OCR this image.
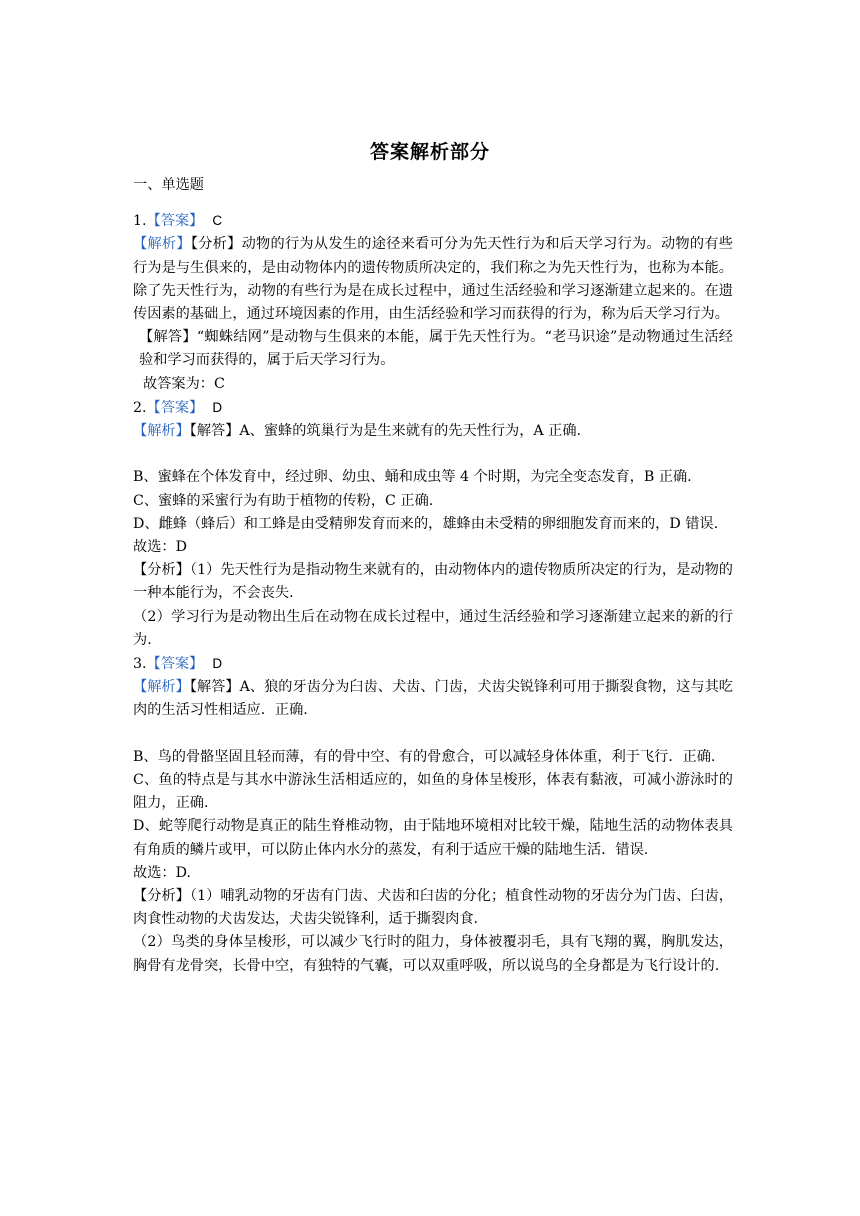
答案解析部分

一、单选题

1.【答案】 C

【解析】【分析】动物的行为从发生的途径来看可分为先天性行为和后天学习行为。动物的有些行为是与生俱来的，是由动物体内的遗传物质所决定的，我们称之为先天性行为，也称为本能。除了先天性行为，动物的有些行为是在成长过程中，通过生活经验和学习逐渐建立起来的。在遗传因素的基础上，通过环境因素的作用，由生活经验和学习而获得的行为，称为后天学习行为。

【解答】“蜘蛛结网”是动物与生俱来的本能，属于先天性行为。“老马识途”是动物通过生活经验和学习而获得的，属于后天学习行为。

故答案为：C

2.【答案】 D

【解析】【解答】A、蜜蜂的筑巢行为是生来就有的先天性行为，A 正确.

B、蜜蜂在个体发育中，经过卵、幼虫、蛹和成虫等 4 个时期，为完全变态发育，B 正确.

C、蜜蜂的采蜜行为有助于植物的传粉，C 正确.

D、雌蜂（蜂后）和工蜂是由受精卵发育而来的，雄蜂由未受精的卵细胞发育而来的，D 错误.

故选：D

【分析】（1）先天性行为是指动物生来就有的，由动物体内的遗传物质所决定的行为，是动物的一种本能行为，不会丧失.

（2）学习行为是动物出生后在动物在成长过程中，通过生活经验和学习逐渐建立起来的新的行为.

3.【答案】 D

【解析】【解答】A、狼的牙齿分为臼齿、犬齿、门齿，犬齿尖锐锋利可用于撕裂食物，这与其吃肉的生活习性相适应．正确.

B、鸟的骨骼坚固且轻而薄，有的骨中空、有的骨愈合，可以减轻身体体重，利于飞行．正确.

C、鱼的特点是与其水中游泳生活相适应的，如鱼的身体呈梭形，体表有黏液，可减小游泳时的阻力，正确.

D、蛇等爬行动物是真正的陆生脊椎动物，由于陆地环境相对比较干燥，陆地生活的动物体表具有角质的鳞片或甲，可以防止体内水分的蒸发，有利于适应干燥的陆地生活．错误.

故选：D.

【分析】（1）哺乳动物的牙齿有门齿、犬齿和臼齿的分化；植食性动物的牙齿分为门齿、臼齿，肉食性动物的犬齿发达，犬齿尖锐锋利，适于撕裂肉食.

（2）鸟类的身体呈梭形，可以减少飞行时的阻力，身体被覆羽毛，具有飞翔的翼，胸肌发达，胸骨有龙骨突，长骨中空，有独特的气囊，可以双重呼吸，所以说鸟的全身都是为飞行设计的.
